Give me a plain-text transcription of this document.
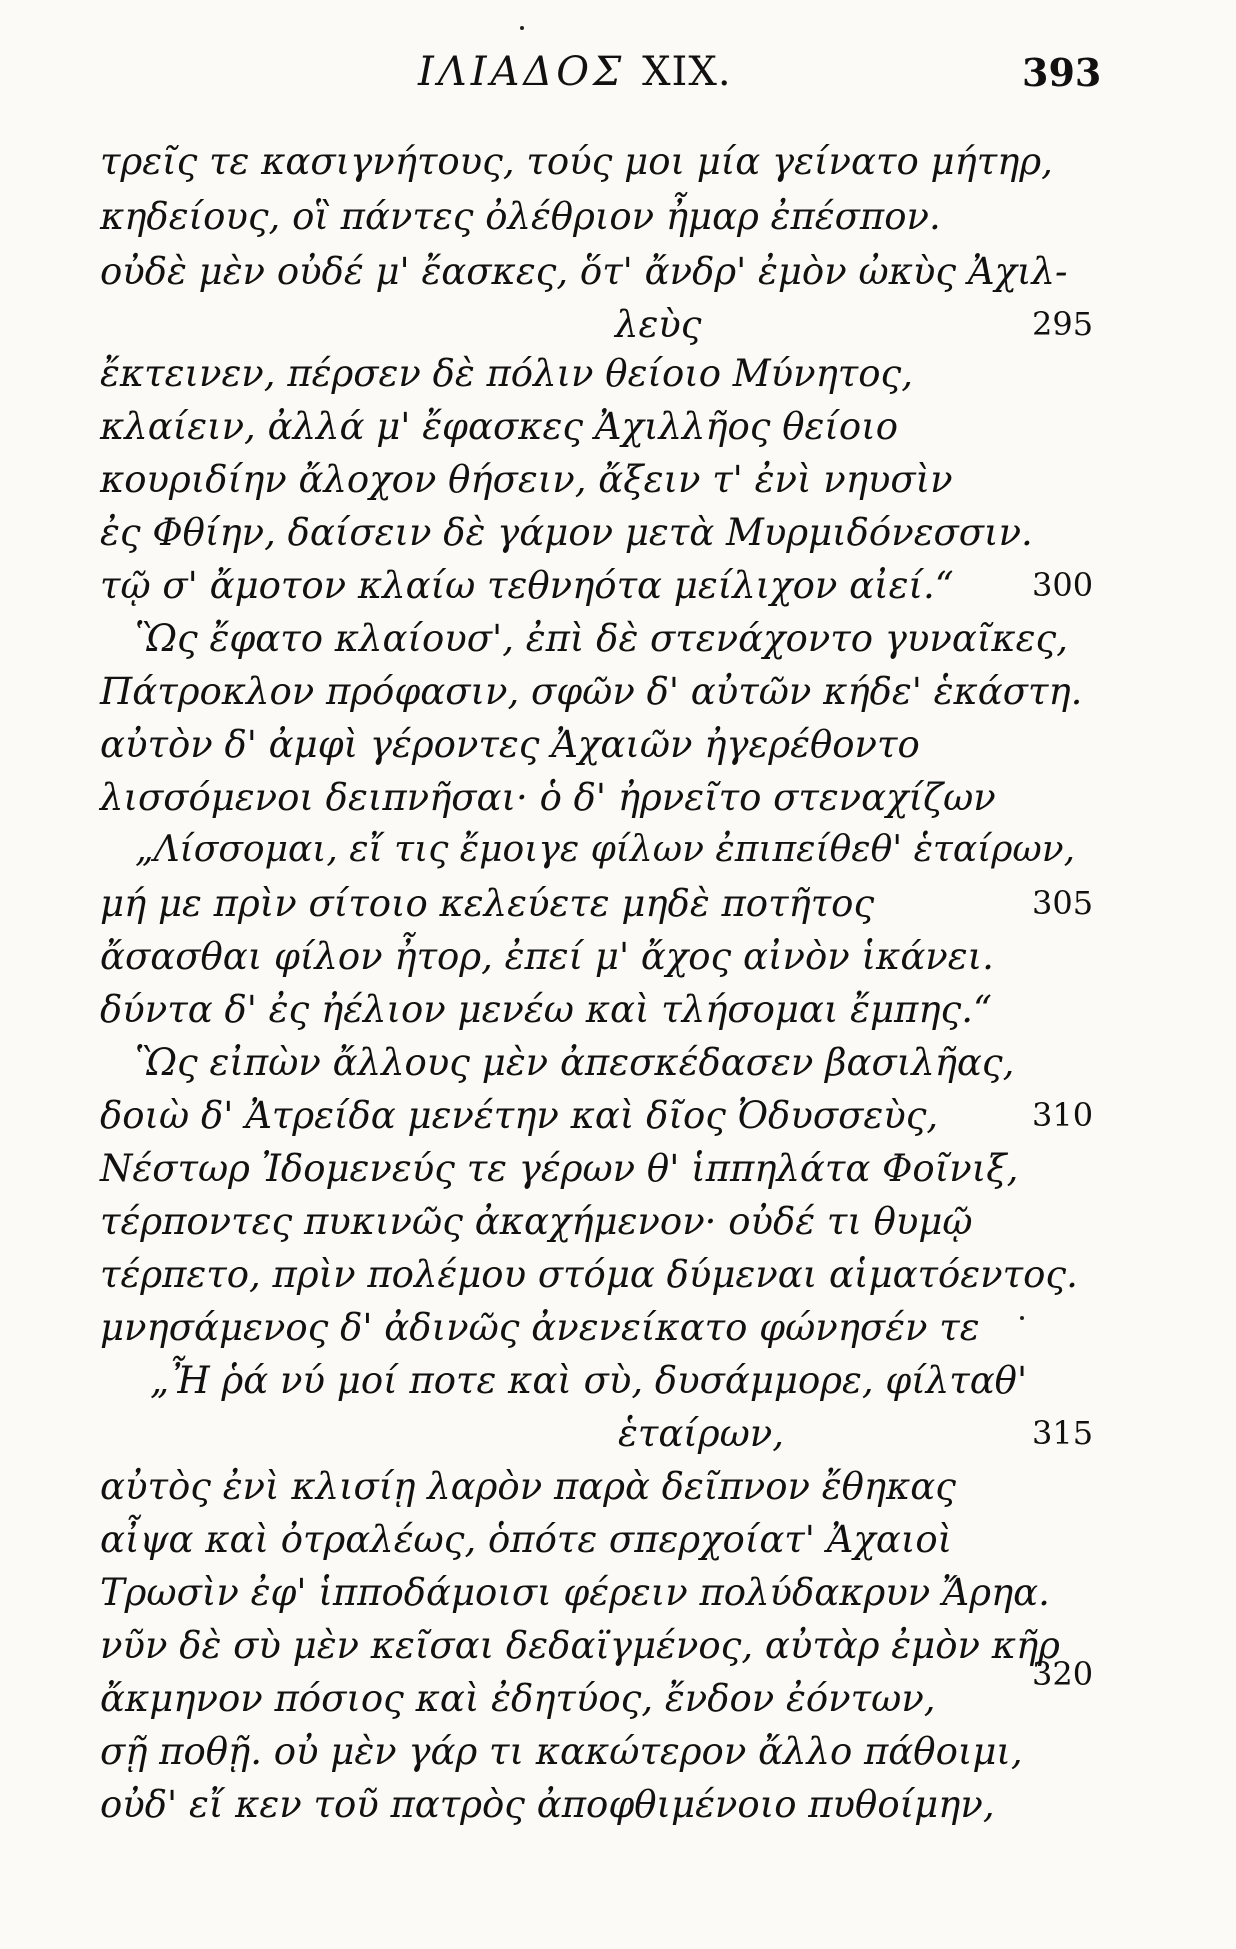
ΙΛΙΑΔΟΣ XIX.	393
τρεῖς τε κασιγνήτους, τούς μοι μία γείνατο μήτηρ,
κηδείους, οἳ πάντες ὀλέθριον ἦμαρ ἐπέσπον.
οὐδὲ μὲν οὐδέ μ' ἔασκες, ὅτ' ἄνδρ' ἐμὸν ὠκὺς Ἀχιλ-
λεὺς	295
ἔκτεινεν, πέρσεν δὲ πόλιν θείοιο Μύνητος,
κλαίειν, ἀλλά μ' ἔφασκες Ἀχιλλῆος θείοιο
κουριδίην ἄλοχον θήσειν, ἄξειν τ' ἐνὶ νηυσὶν
ἐς Φθίην, δαίσειν δὲ γάμον μετὰ Μυρμιδόνεσσιν.
τῷ σ' ἄμοτον κλαίω τεθνηότα μείλιχον αἰεί.“ 300
Ὣς ἔφατο κλαίουσ', ἐπὶ δὲ στενάχοντο γυναῖκες,
Πάτροκλον πρόφασιν, σφῶν δ' αὐτῶν κήδε' ἑκάστη.
αὐτὸν δ' ἀμφὶ γέροντες Ἀχαιῶν ἠγερέθοντο
λισσόμενοι δειπνῆσαι· ὁ δ' ἠρνεῖτο στεναχίζων
„Λίσσομαι, εἴ τις ἔμοιγε φίλων ἐπιπείθεθ' ἑταίρων,
μή με πρὶν σίτοιο κελεύετε μηδὲ ποτῆτος	305
ἄσασθαι φίλον ἦτορ, ἐπεί μ' ἄχος αἰνὸν ἱκάνει.
δύντα δ' ἐς ἠέλιον μενέω καὶ τλήσομαι ἔμπης.“
Ὣς εἰπὼν ἄλλους μὲν ἀπεσκέδασεν βασιλῆας,
δοιὼ δ' Ἀτρείδα μενέτην καὶ δῖος Ὀδυσσεὺς,	310
Νέστωρ Ἰδομενεύς τε γέρων θ' ἱππηλάτα Φοῖνιξ,
τέρποντες πυκινῶς ἀκαχήμενον· οὐδέ τι θυμῷ
τέρπετο, πρὶν πολέμου στόμα δύμεναι αἱματόεντος.
μνησάμενος δ' ἀδινῶς ἀνενείκατο φώνησέν τε
„Ἦ ῥά νύ μοί ποτε καὶ σὺ, δυσάμμορε, φίλταθ'
ἑταίρων,	315
αὐτὸς ἐνὶ κλισίῃ λαρὸν παρὰ δεῖπνον ἔθηκας
αἶψα καὶ ὀτραλέως, ὁπότε σπερχοίατ' Ἀχαιοὶ
Τρωσὶν ἐφ' ἱπποδάμοισι φέρειν πολύδακρυν Ἄρηα.
νῦν δὲ σὺ μὲν κεῖσαι δεδαϊγμένος, αὐτὰρ ἐμὸν κῆρ
ἄκμηνον πόσιος καὶ ἐδητύος, ἔνδον ἐόντων,
320
σῇ ποθῇ. οὐ μὲν γάρ τι κακώτερον ἄλλο πάθοιμι,
οὐδ' εἴ κεν τοῦ πατρὸς ἀποφθιμένοιο πυθοίμην,
